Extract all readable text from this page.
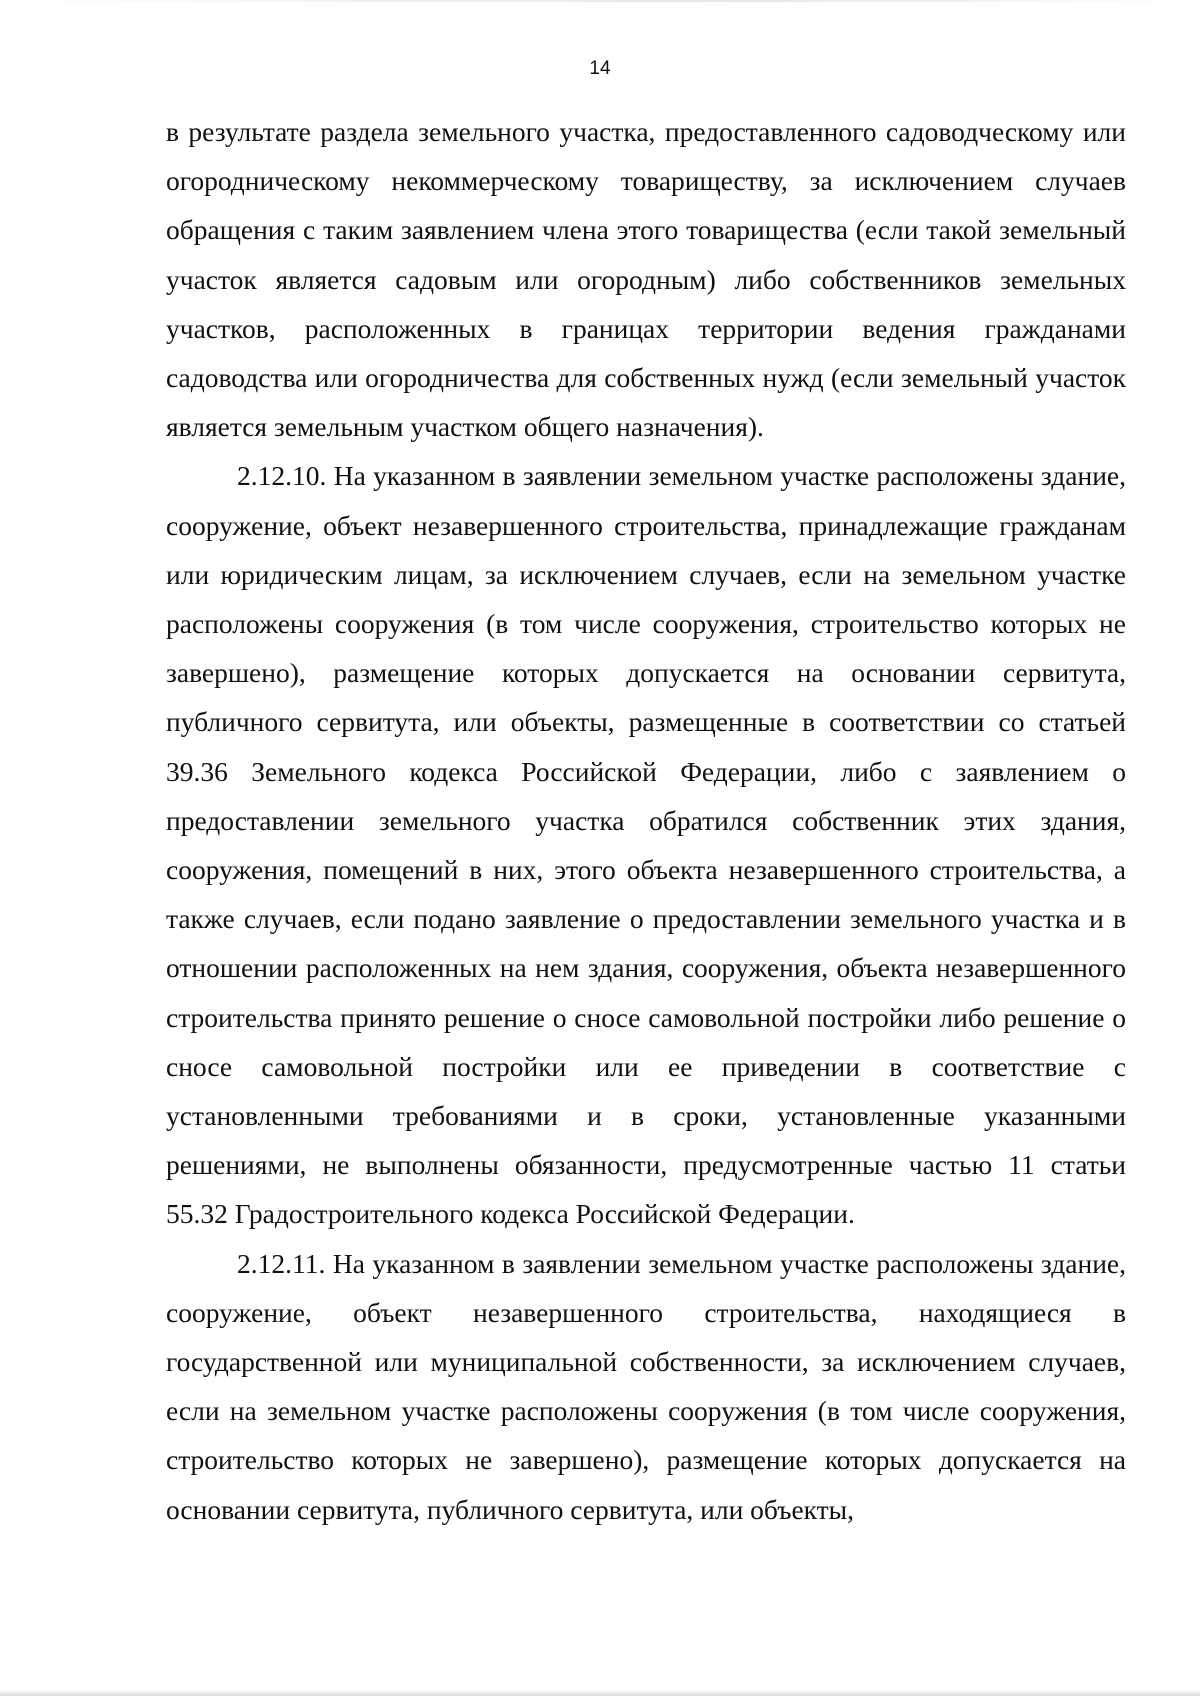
14

в результате раздела земельного участка, предоставленного садоводческому или огородническому некоммерческому товариществу, за исключением случаев обращения с таким заявлением члена этого товарищества (если такой земельный участок является садовым или огородным) либо собственников земельных участков, расположенных в границах территории ведения гражданами садоводства или огородничества для собственных нужд (если земельный участок является земельным участком общего назначения).

2.12.10. На указанном в заявлении земельном участке расположены здание, сооружение, объект незавершенного строительства, принадлежащие гражданам или юридическим лицам, за исключением случаев, если на земельном участке расположены сооружения (в том числе сооружения, строительство которых не завершено), размещение которых допускается на основании сервитута, публичного сервитута, или объекты, размещенные в соответствии со статьей 39.36 Земельного кодекса Российской Федерации, либо с заявлением о предоставлении земельного участка обратился собственник этих здания, сооружения, помещений в них, этого объекта незавершенного строительства, а также случаев, если подано заявление о предоставлении земельного участка и в отношении расположенных на нем здания, сооружения, объекта незавершенного строительства принято решение о сносе самовольной постройки либо решение о сносе самовольной постройки или ее приведении в соответствие с установленными требованиями и в сроки, установленные указанными решениями, не выполнены обязанности, предусмотренные частью 11 статьи 55.32 Градостроительного кодекса Российской Федерации.

2.12.11. На указанном в заявлении земельном участке расположены здание, сооружение, объект незавершенного строительства, находящиеся в государственной или муниципальной собственности, за исключением случаев, если на земельном участке расположены сооружения (в том числе сооружения, строительство которых не завершено), размещение которых допускается на основании сервитута, публичного сервитута, или объекты,
